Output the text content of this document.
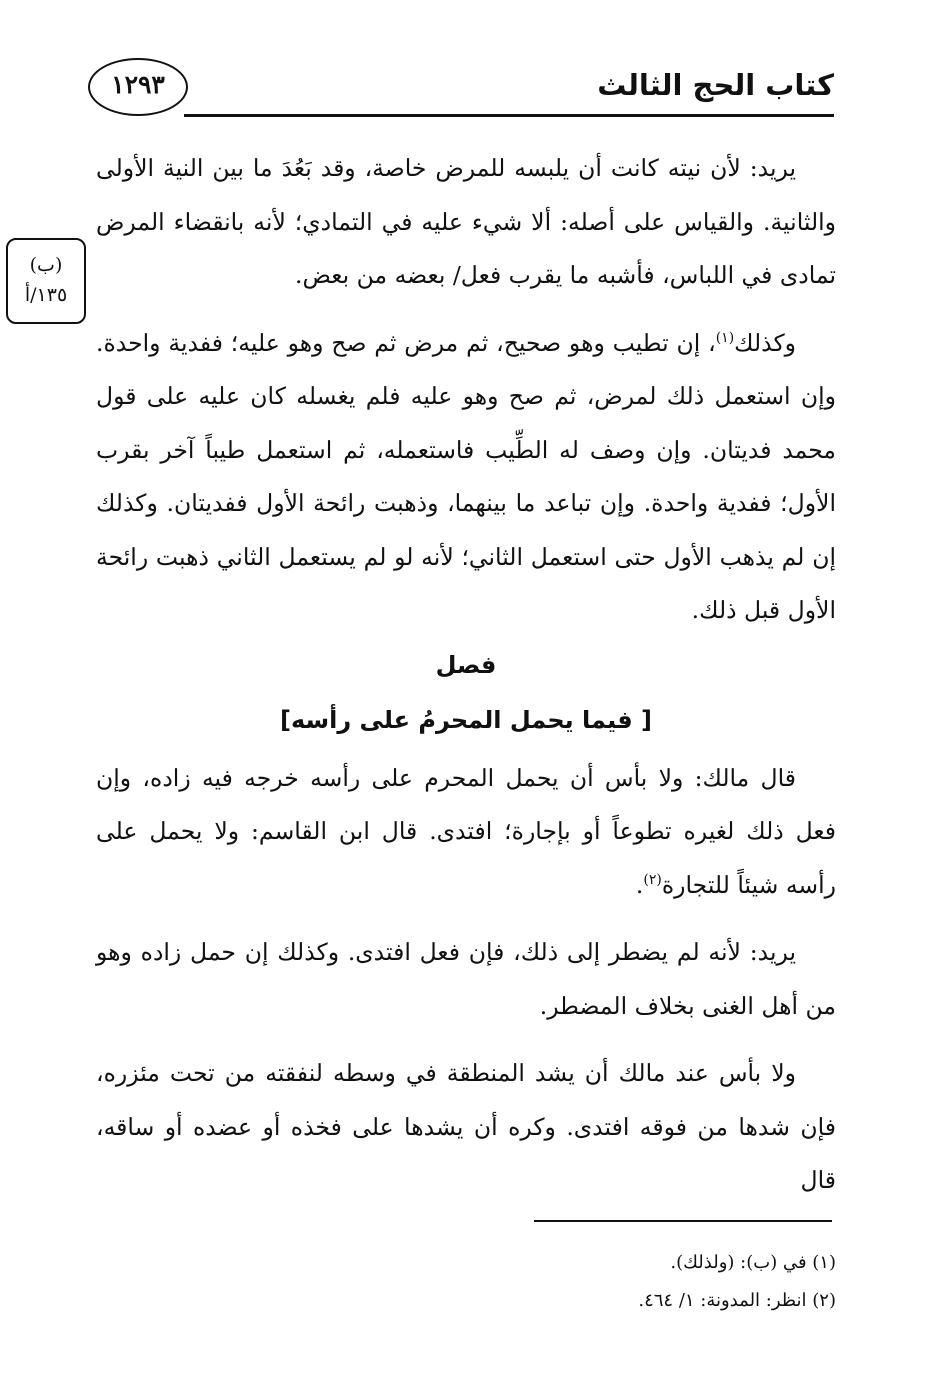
كتاب الحج الثالث
١٢٩٣
(ب)
١٣٥/أ

يريد: لأن نيته كانت أن يلبسه للمرض خاصة، وقد بَعُدَ ما بين النية الأولى والثانية. والقياس على أصله: ألا شيء عليه في التمادي؛ لأنه بانقضاء المرض تمادى في اللباس، فأشبه ما يقرب فعل/ بعضه من بعض.

وكذلك$^{(١)}$، إن تطيب وهو صحيح، ثم مرض ثم صح وهو عليه؛ ففدية واحدة. وإن استعمل ذلك لمرض، ثم صح وهو عليه فلم يغسله كان عليه على قول محمد فديتان. وإن وصف له الطِّيب فاستعمله، ثم استعمل طيباً آخر بقرب الأول؛ ففدية واحدة. وإن تباعد ما بينهما، وذهبت رائحة الأول ففديتان. وكذلك إن لم يذهب الأول حتى استعمل الثاني؛ لأنه لو لم يستعمل الثاني ذهبت رائحة الأول قبل ذلك.

فصل
[ فيما يحمل المحرمُ على رأسه]

قال مالك: ولا بأس أن يحمل المحرم على رأسه خرجه فيه زاده، وإن فعل ذلك لغيره تطوعاً أو بإجارة؛ افتدى. قال ابن القاسم: ولا يحمل على رأسه شيئاً للتجارة$^{(٢)}$.

يريد: لأنه لم يضطر إلى ذلك، فإن فعل افتدى. وكذلك إن حمل زاده وهو من أهل الغنى بخلاف المضطر.

ولا بأس عند مالك أن يشد المنطقة في وسطه لنفقته من تحت مئزره، فإن شدها من فوقه افتدى. وكره أن يشدها على فخذه أو عضده أو ساقه، قال

(١) في (ب): (ولذلك).
(٢) انظر: المدونة: ١/ ٤٦٤.
